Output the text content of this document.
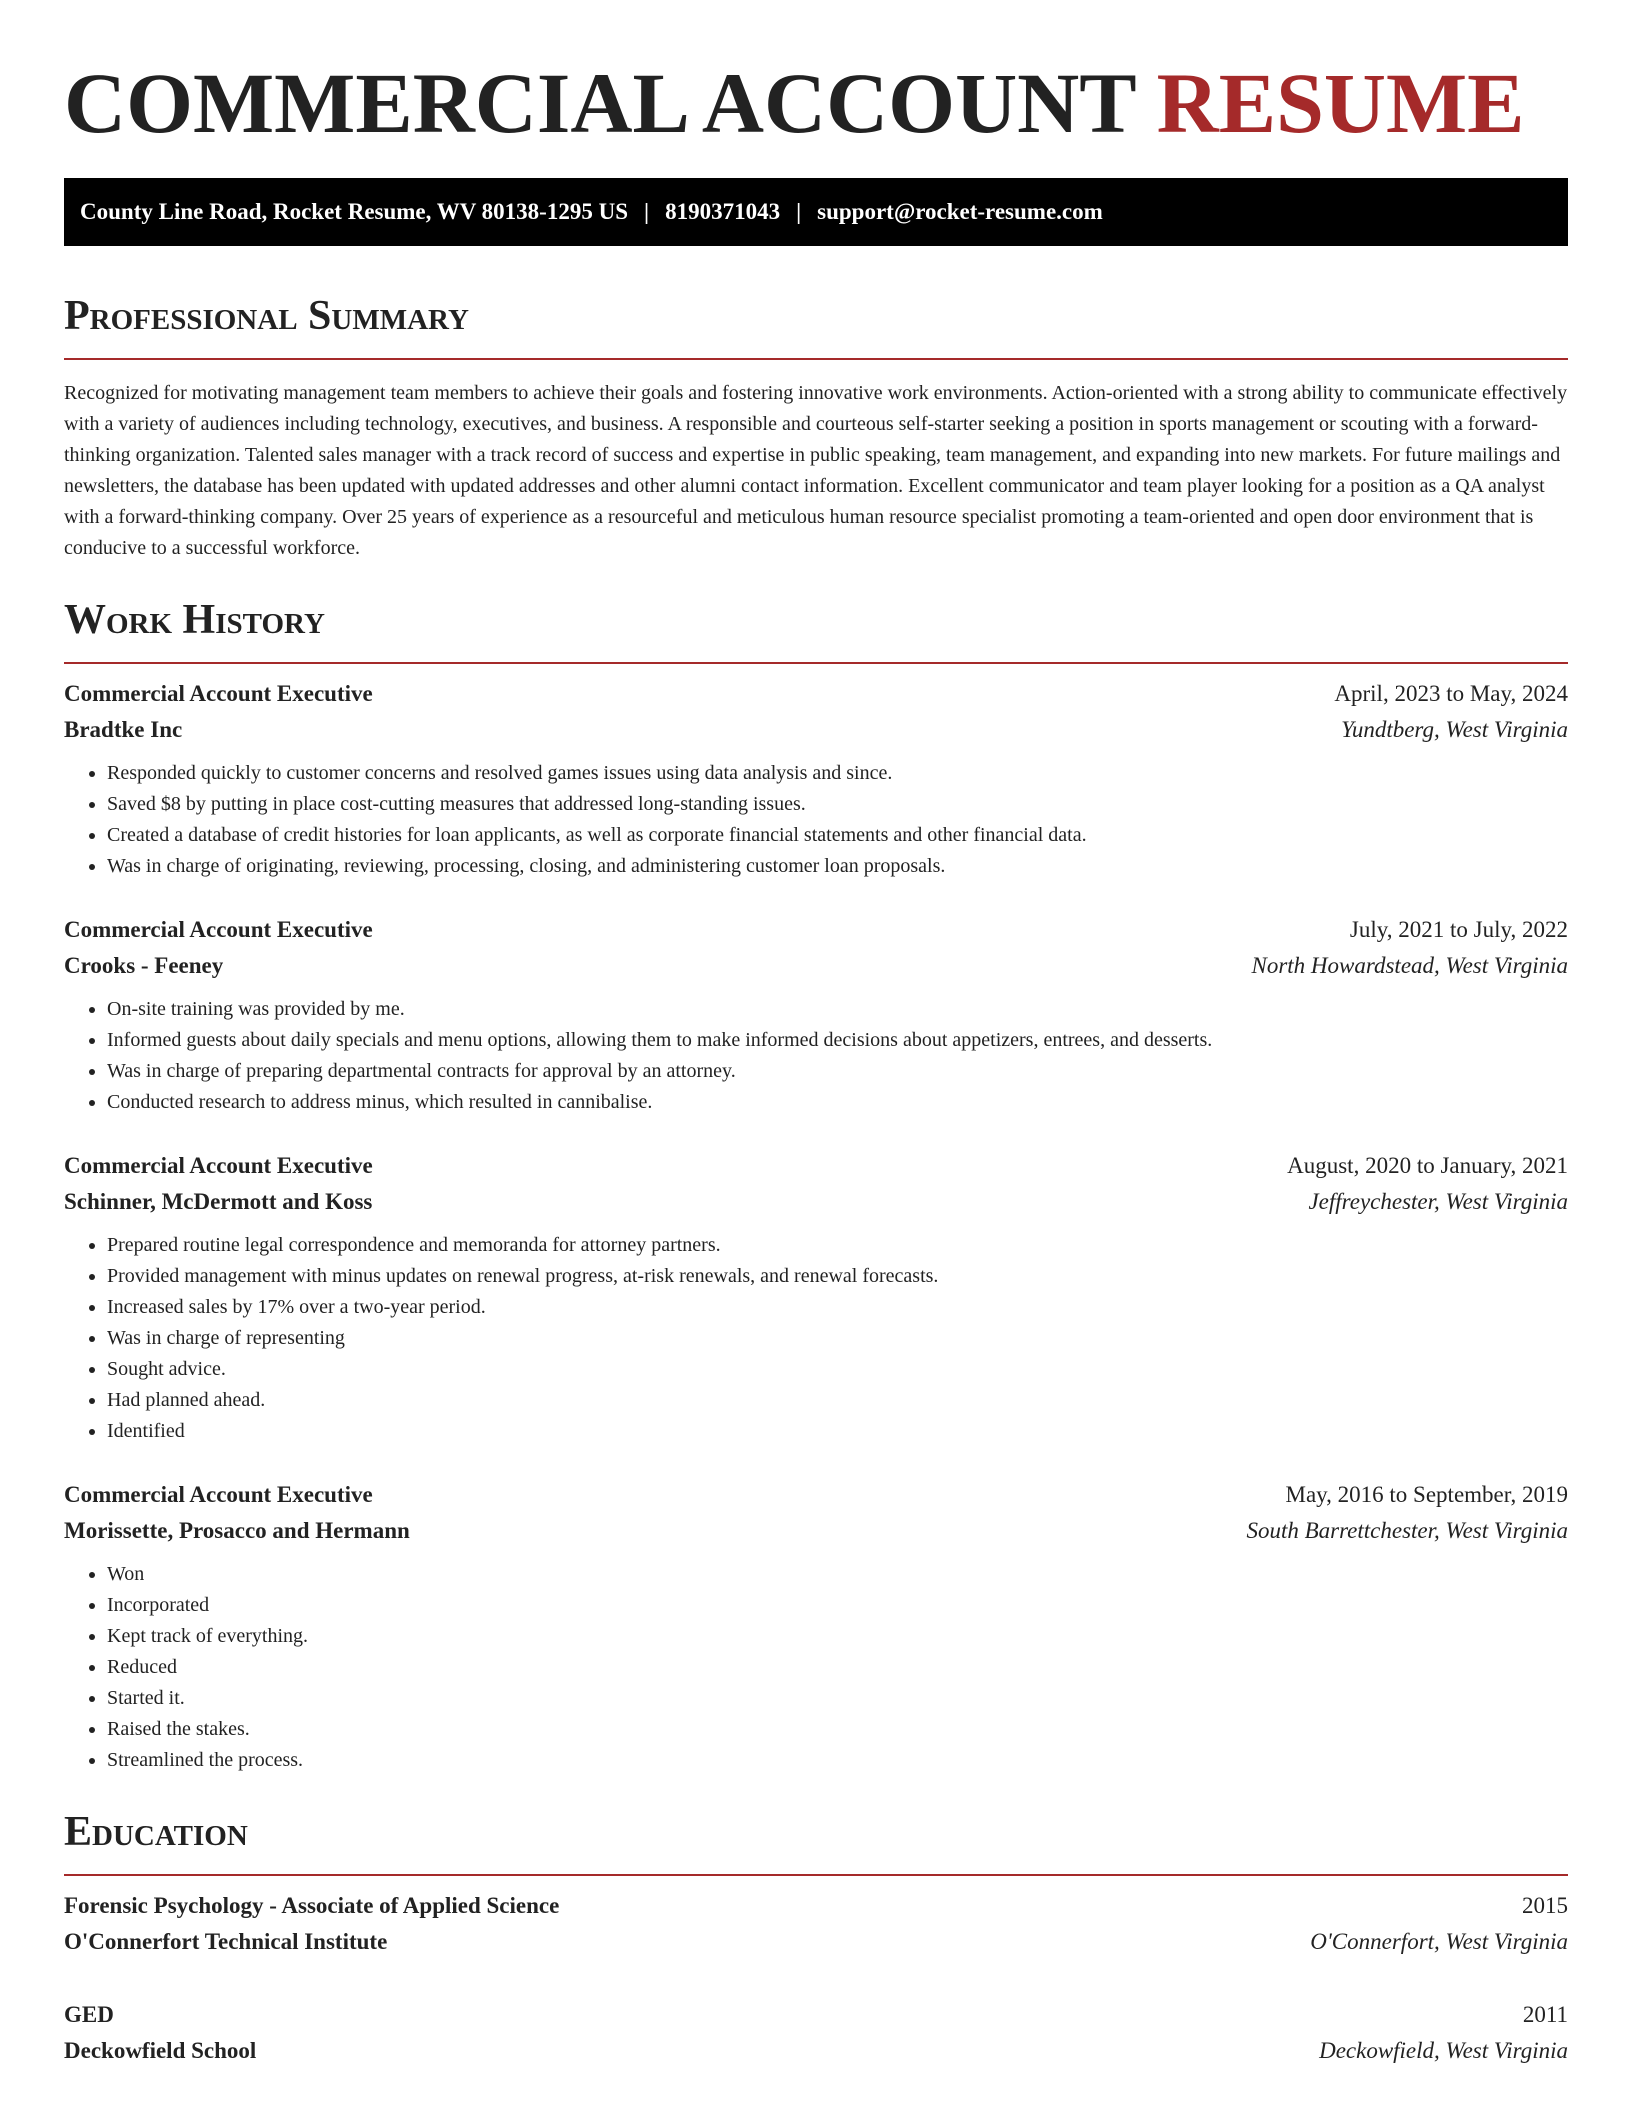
COMMERCIAL ACCOUNT RESUME
County Line Road, Rocket Resume, WV 80138-1295 US | 8190371043 | support@rocket-resume.com
Professional Summary

Recognized for motivating management team members to achieve their goals and fostering innovative work environments. Action-oriented with a strong ability to communicate effectively with a variety of audiences including technology, executives, and business. A responsible and courteous self-starter seeking a position in sports management or scouting with a forward-thinking organization. Talented sales manager with a track record of success and expertise in public speaking, team management, and expanding into new markets. For future mailings and newsletters, the database has been updated with updated addresses and other alumni contact information. Excellent communicator and team player looking for a position as a QA analyst with a forward-thinking company. Over 25 years of experience as a resourceful and meticulous human resource specialist promoting a team-oriented and open door environment that is conducive to a successful workforce.

Work History
Commercial Account Executive	April, 2023 to May, 2024
Bradtke Inc	Yundtberg, West Virginia
• Responded quickly to customer concerns and resolved games issues using data analysis and since.
• Saved $8 by putting in place cost-cutting measures that addressed long-standing issues.
• Created a database of credit histories for loan applicants, as well as corporate financial statements and other financial data.
• Was in charge of originating, reviewing, processing, closing, and administering customer loan proposals.
Commercial Account Executive	July, 2021 to July, 2022
Crooks - Feeney	North Howardstead, West Virginia
• On-site training was provided by me.
• Informed guests about daily specials and menu options, allowing them to make informed decisions about appetizers, entrees, and desserts.
• Was in charge of preparing departmental contracts for approval by an attorney.
• Conducted research to address minus, which resulted in cannibalise.
Commercial Account Executive	August, 2020 to January, 2021
Schinner, McDermott and Koss	Jeffreychester, West Virginia
• Prepared routine legal correspondence and memoranda for attorney partners.
• Provided management with minus updates on renewal progress, at-risk renewals, and renewal forecasts.
• Increased sales by 17% over a two-year period.
• Was in charge of representing
• Sought advice.
• Had planned ahead.
• Identified
Commercial Account Executive	May, 2016 to September, 2019
Morissette, Prosacco and Hermann	South Barrettchester, West Virginia
• Won
• Incorporated
• Kept track of everything.
• Reduced
• Started it.
• Raised the stakes.
• Streamlined the process.
Education
Forensic Psychology - Associate of Applied Science	2015
O'Connerfort Technical Institute	O'Connerfort, West Virginia
GED	2011
Deckowfield School	Deckowfield, West Virginia
